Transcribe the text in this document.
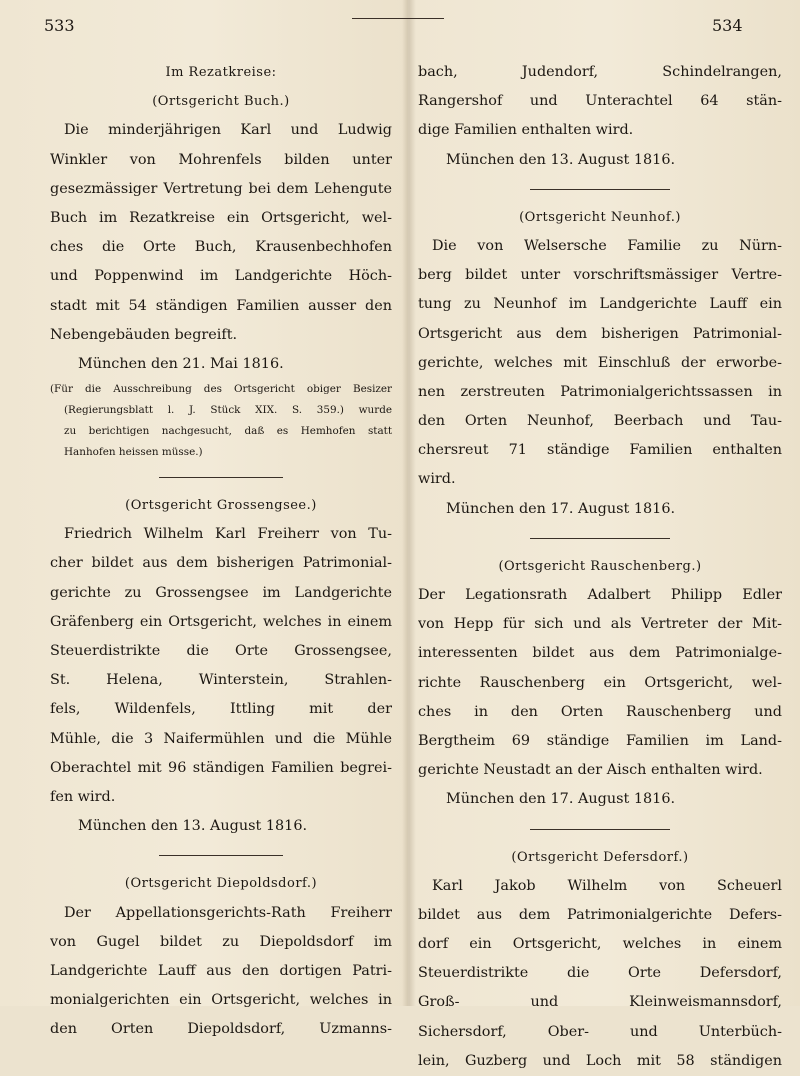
533	534
Im Rezatkreise:
(Ortsgericht Buch.)
Die minderjährigen Karl und Ludwig
Winkler von Mohrenfels bilden unter
gesezmässiger Vertretung bei dem Lehengute
Buch im Rezatkreise ein Ortsgericht, wel-
ches die Orte Buch, Krausenbechhofen
und Poppenwind im Landgerichte Höch-
stadt mit 54 ständigen Familien ausser den
Nebengebäuden begreift.
München den 21. Mai 1816.
(Für die Ausschreibung des Ortsgericht obiger Besizer
(Regierungsblatt l. J. Stück XIX. S. 359.) wurde
zu berichtigen nachgesucht, daß es Hemhofen statt
Hanhofen heissen müsse.)
(Ortsgericht Grossengsee.)
Friedrich Wilhelm Karl Freiherr von Tu-
cher bildet aus dem bisherigen Patrimonial-
gerichte zu Grossengsee im Landgerichte
Gräfenberg ein Ortsgericht, welches in einem
Steuerdistrikte die Orte Grossengsee,
St. Helena, Winterstein, Strahlen-
fels, Wildenfels, Ittling mit der
Mühle, die 3 Naifermühlen und die Mühle
Oberachtel mit 96 ständigen Familien begrei-
fen wird.
München den 13. August 1816.
(Ortsgericht Diepoldsdorf.)
Der Appellationsgerichts-Rath Freiherr
von Gugel bildet zu Diepoldsdorf im
Landgerichte Lauff aus den dortigen Patri-
monialgerichten ein Ortsgericht, welches in
den Orten Diepoldsdorf, Uzmanns-
bach, Judendorf, Schindelrangen,
Rangershof und Unterachtel 64 stän-
dige Familien enthalten wird.
München den 13. August 1816.
(Ortsgericht Neunhof.)
Die von Welsersche Familie zu Nürn-
berg bildet unter vorschriftsmässiger Vertre-
tung zu Neunhof im Landgerichte Lauff ein
Ortsgericht aus dem bisherigen Patrimonial-
gerichte, welches mit Einschluß der erworbe-
nen zerstreuten Patrimonialgerichtssassen in
den Orten Neunhof, Beerbach und Tau-
chersreut 71 ständige Familien enthalten
wird.
München den 17. August 1816.
(Ortsgericht Rauschenberg.)
Der Legationsrath Adalbert Philipp Edler
von Hepp für sich und als Vertreter der Mit-
interessenten bildet aus dem Patrimonialge-
richte Rauschenberg ein Ortsgericht, wel-
ches in den Orten Rauschenberg und
Bergtheim 69 ständige Familien im Land-
gerichte Neustadt an der Aisch enthalten wird.
München den 17. August 1816.
(Ortsgericht Defersdorf.)
Karl Jakob Wilhelm von Scheuerl
bildet aus dem Patrimonialgerichte Defers-
dorf ein Ortsgericht, welches in einem
Steuerdistrikte die Orte Defersdorf,
Groß- und Kleinweismannsdorf,
Sichersdorf, Ober- und Unterbüch-
lein, Guzberg und Loch mit 58 ständigen
